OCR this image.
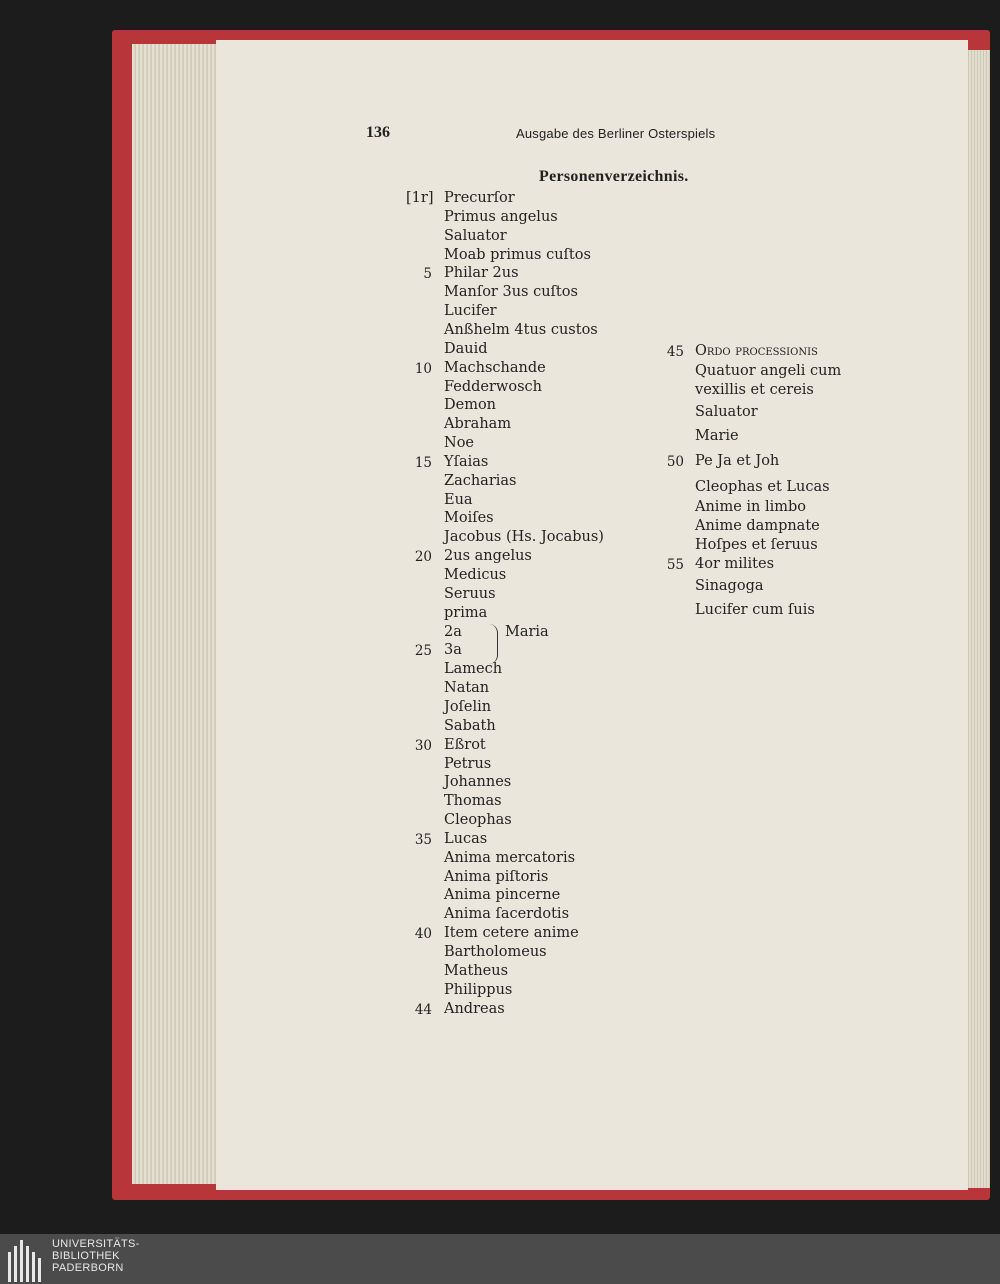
136	Ausgabe des Berliner Osterspiels
Personenverzeichnis.
[1r] Precurſor
Primus angelus
Saluator
Moab primus cuſtos
5 Philar 2us
Manſor 3us cuſtos
Lucifer
Anßhelm 4tus custos
Dauid
10 Machschande
Fedderwosch
Demon
Abraham
Noe
15 Yſaias
Zacharias
Eua
Moiſes
Jacobus (Hs. Jocabus)
20 2us angelus
Medicus
Seruus
prima
2a
25 3a
Lamech
Natan
Joſelin
Sabath
30 Eßrot
Petrus
Johannes
Thomas
Cleophas
35 Lucas
Anima mercatoris
Anima piſtoris
Anima pincerne
Anima ſacerdotis
40 Item cetere anime
Bartholomeus
Matheus
Philippus
44 Andreas
Maria
45 Ordo processionis
Quatuor angeli cum
vexillis et cereis
Saluator
Marie
50 Pe Ja et Joh
Cleophas et Lucas
Anime in limbo
Anime dampnate
Hoſpes et ſeruus
55 4or milites
Sinagoga
Lucifer cum ſuis
UNIVERSITÄTS-
BIBLIOTHEK
PADERBORN
